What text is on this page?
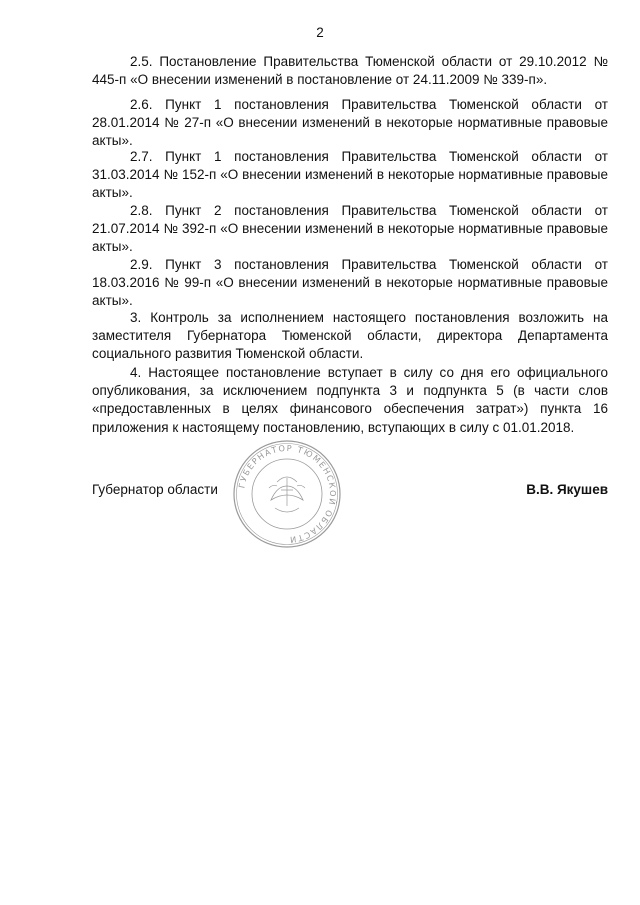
2

2.5. Постановление Правительства Тюменской области от 29.10.2012 № 445-п «О внесении изменений в постановление от 24.11.2009 № 339-п».

2.6. Пункт 1 постановления Правительства Тюменской области от 28.01.2014 № 27-п «О внесении изменений в некоторые нормативные правовые акты».

2.7. Пункт 1 постановления Правительства Тюменской области от 31.03.2014 № 152-п «О внесении изменений в некоторые нормативные правовые акты».

2.8. Пункт 2 постановления Правительства Тюменской области от 21.07.2014 № 392-п «О внесении изменений в некоторые нормативные правовые акты».

2.9. Пункт 3 постановления Правительства Тюменской области от 18.03.2016 № 99-п «О внесении изменений в некоторые нормативные правовые акты».

3. Контроль за исполнением настоящего постановления возложить на заместителя Губернатора Тюменской области, директора Департамента социального развития Тюменской области.

4. Настоящее постановление вступает в силу со дня его официального опубликования, за исключением подпункта 3 и подпункта 5 (в части слов «предоставленных в целях финансового обеспечения затрат») пункта 16 приложения к настоящему постановлению, вступающих в силу с 01.01.2018.

ГУБЕРНАТОР ТЮМЕНСКОЙ ОБЛАСТИ
Губернатор области	В.В. Якушев
